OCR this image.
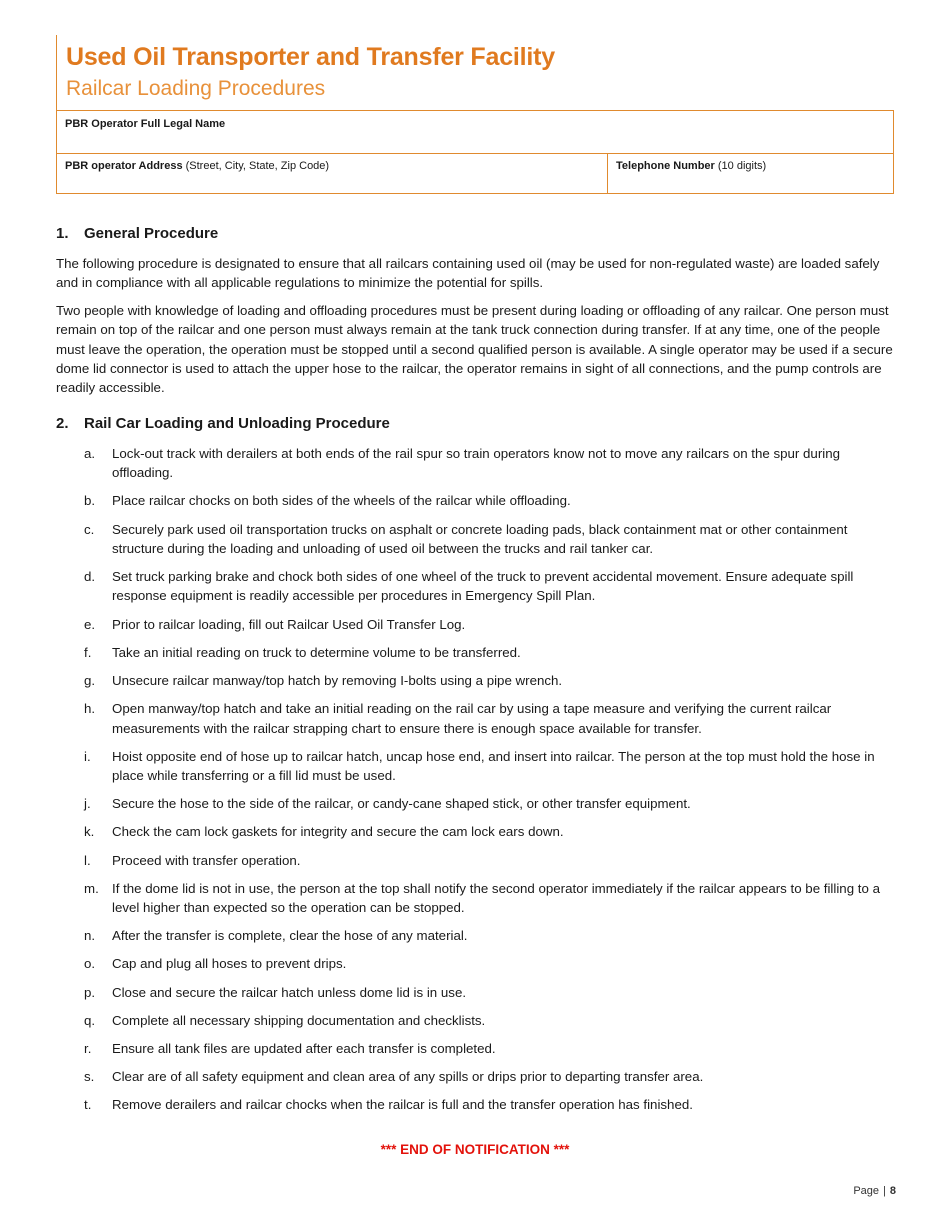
Used Oil Transporter and Transfer Facility
Railcar Loading Procedures
PBR Operator Full Legal Name
PBR operator Address (Street, City, State, Zip Code)	Telephone Number (10 digits)
1. General Procedure
The following procedure is designated to ensure that all railcars containing used oil (may be used for non-regulated waste) are loaded safely and in compliance with all applicable regulations to minimize the potential for spills.
Two people with knowledge of loading and offloading procedures must be present during loading or offloading of any railcar. One person must remain on top of the railcar and one person must always remain at the tank truck connection during transfer. If at any time, one of the people must leave the operation, the operation must be stopped until a second qualified person is available. A single operator may be used if a secure dome lid connector is used to attach the upper hose to the railcar, the operator remains in sight of all connections, and the pump controls are readily accessible.
2. Rail Car Loading and Unloading Procedure
a. Lock-out track with derailers at both ends of the rail spur so train operators know not to move any railcars on the spur during offloading.
b. Place railcar chocks on both sides of the wheels of the railcar while offloading.
c. Securely park used oil transportation trucks on asphalt or concrete loading pads, black containment mat or other containment structure during the loading and unloading of used oil between the trucks and rail tanker car.
d. Set truck parking brake and chock both sides of one wheel of the truck to prevent accidental movement. Ensure adequate spill response equipment is readily accessible per procedures in Emergency Spill Plan.
e. Prior to railcar loading, fill out Railcar Used Oil Transfer Log.
f. Take an initial reading on truck to determine volume to be transferred.
g. Unsecure railcar manway/top hatch by removing I-bolts using a pipe wrench.
h. Open manway/top hatch and take an initial reading on the rail car by using a tape measure and verifying the current railcar measurements with the railcar strapping chart to ensure there is enough space available for transfer.
i. Hoist opposite end of hose up to railcar hatch, uncap hose end, and insert into railcar. The person at the top must hold the hose in place while transferring or a fill lid must be used.
j. Secure the hose to the side of the railcar, or candy-cane shaped stick, or other transfer equipment.
k. Check the cam lock gaskets for integrity and secure the cam lock ears down.
l. Proceed with transfer operation.
m. If the dome lid is not in use, the person at the top shall notify the second operator immediately if the railcar appears to be filling to a level higher than expected so the operation can be stopped.
n. After the transfer is complete, clear the hose of any material.
o. Cap and plug all hoses to prevent drips.
p. Close and secure the railcar hatch unless dome lid is in use.
q. Complete all necessary shipping documentation and checklists.
r. Ensure all tank files are updated after each transfer is completed.
s. Clear are of all safety equipment and clean area of any spills or drips prior to departing transfer area.
t. Remove derailers and railcar chocks when the railcar is full and the transfer operation has finished.
*** END OF NOTIFICATION ***
Page | 8
